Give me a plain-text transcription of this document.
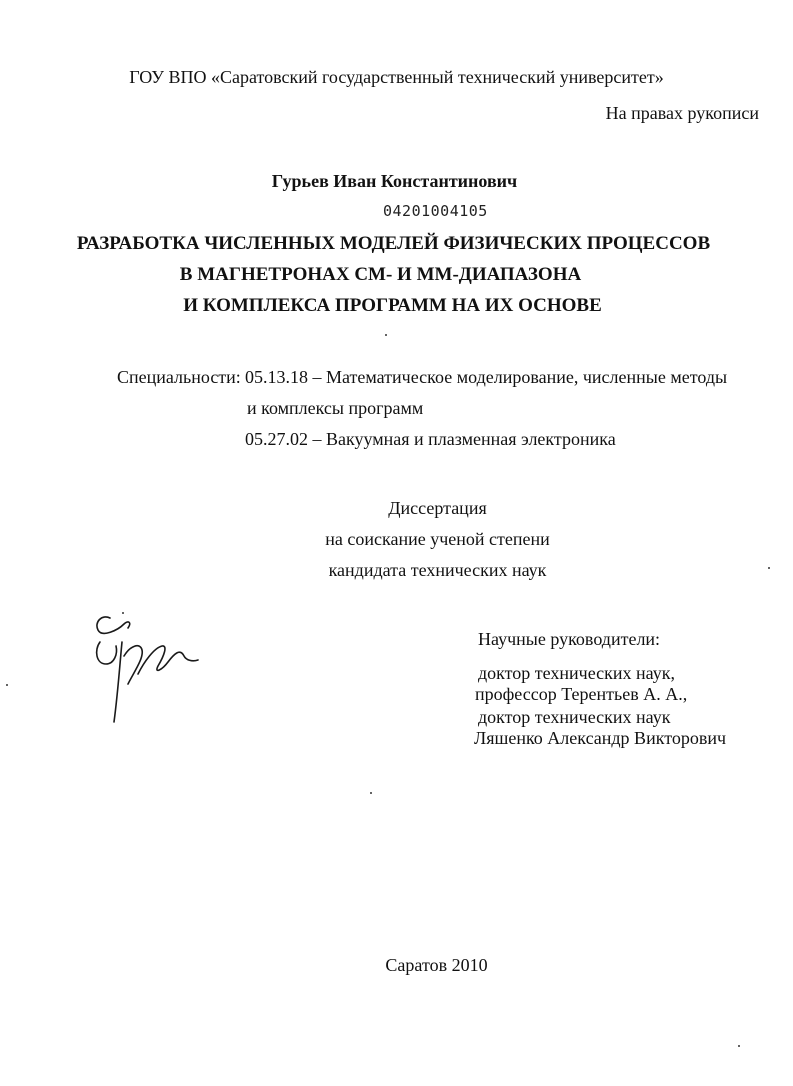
ГОУ ВПО «Саратовский государственный технический университет»
На правах рукописи
Гурьев Иван Константинович
04201004105
РАЗРАБОТКА ЧИСЛЕННЫХ МОДЕЛЕЙ ФИЗИЧЕСКИХ ПРОЦЕССОВ
В МАГНЕТРОНАХ СМ- И ММ-ДИАПАЗОНА
И КОМПЛЕКСА ПРОГРАММ НА ИХ ОСНОВЕ
Специальности: 05.13.18 – Математическое моделирование, численные методы
и комплексы программ
05.27.02 – Вакуумная и плазменная электроника
Диссертация
на соискание ученой степени
кандидата технических наук
Научные руководители:
доктор технических наук,
профессор Терентьев А. А.,
доктор технических наук
Ляшенко Александр Викторович
Саратов 2010
